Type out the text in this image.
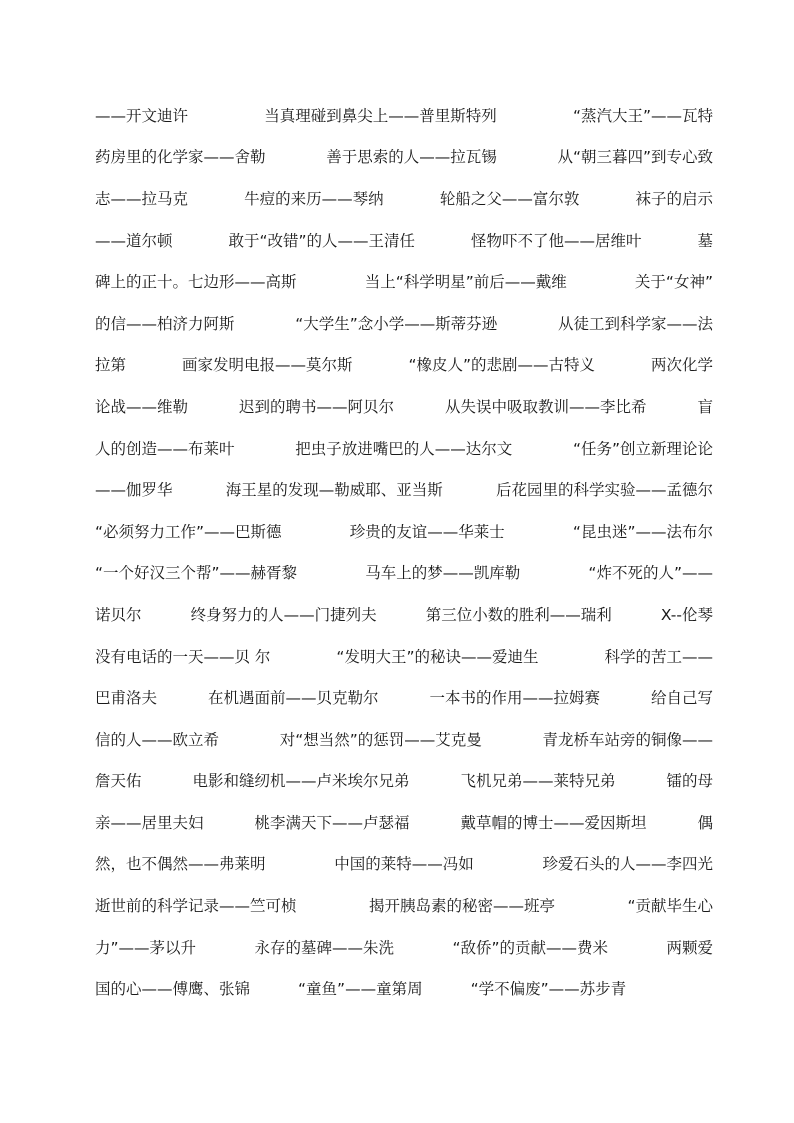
——开文迪许	当真理碰到鼻尖上——普里斯特列	“蒸汽大王”——瓦特
药房里的化学家——舍勒	善于思索的人——拉瓦锡	从“朝三暮四”到专心致
志——拉马克	牛痘的来历——琴纳	轮船之父——富尔敦	袜子的启示
——道尔顿	敢于“改错”的人——王清任	怪物吓不了他——居维叶	墓
碑上的正十。七边形——高斯	当上“科学明星”前后——戴维	关于“女神”
的信——柏济力阿斯	“大学生”念小学——斯蒂芬逊	从徒工到科学家——法
拉第	画家发明电报——莫尔斯	“橡皮人”的悲剧——古特义	两次化学
论战——维勒	迟到的聘书——阿贝尔	从失误中吸取教训——李比希	盲
人的创造——布莱叶	把虫子放进嘴巴的人——达尔文	“任务”创立新理论论
——伽罗华	海王星的发现—勒威耶、亚当斯	后花园里的科学实验——孟德尔
“必须努力工作”——巴斯德	珍贵的友谊——华莱士	“昆虫迷”——法布尔
“一个好汉三个帮”——赫胥黎	马车上的梦——凯库勒	“炸不死的人”——
诺贝尔	终身努力的人——门捷列夫	第三位小数的胜利——瑞利	X--伦琴
没有电话的一天——贝 尔	“发明大王”的秘诀——爱迪生	科学的苦工——
巴甫洛夫	在机遇面前——贝克勒尔	一本书的作用——拉姆赛	给自己写
信的人——欧立希	对“想当然”的惩罚——艾克曼	青龙桥车站旁的铜像——
詹天佑	电影和缝纫机——卢米埃尔兄弟	飞机兄弟——莱特兄弟	镭的母
亲——居里夫妇	桃李满天下——卢瑟福	戴草帽的博士——爱因斯坦	偶
然，也不偶然——弗莱明	中国的莱特——冯如	珍爱石头的人——李四光
逝世前的科学记录——竺可桢	揭开胰岛素的秘密——班亭	“贡献毕生心
力”——茅以升	永存的墓碑——朱洗	“敌侨”的贡献——费米	两颗爱
国的心——傅鹰、张锦	“童鱼”——童第周	“学不偏废”——苏步青
